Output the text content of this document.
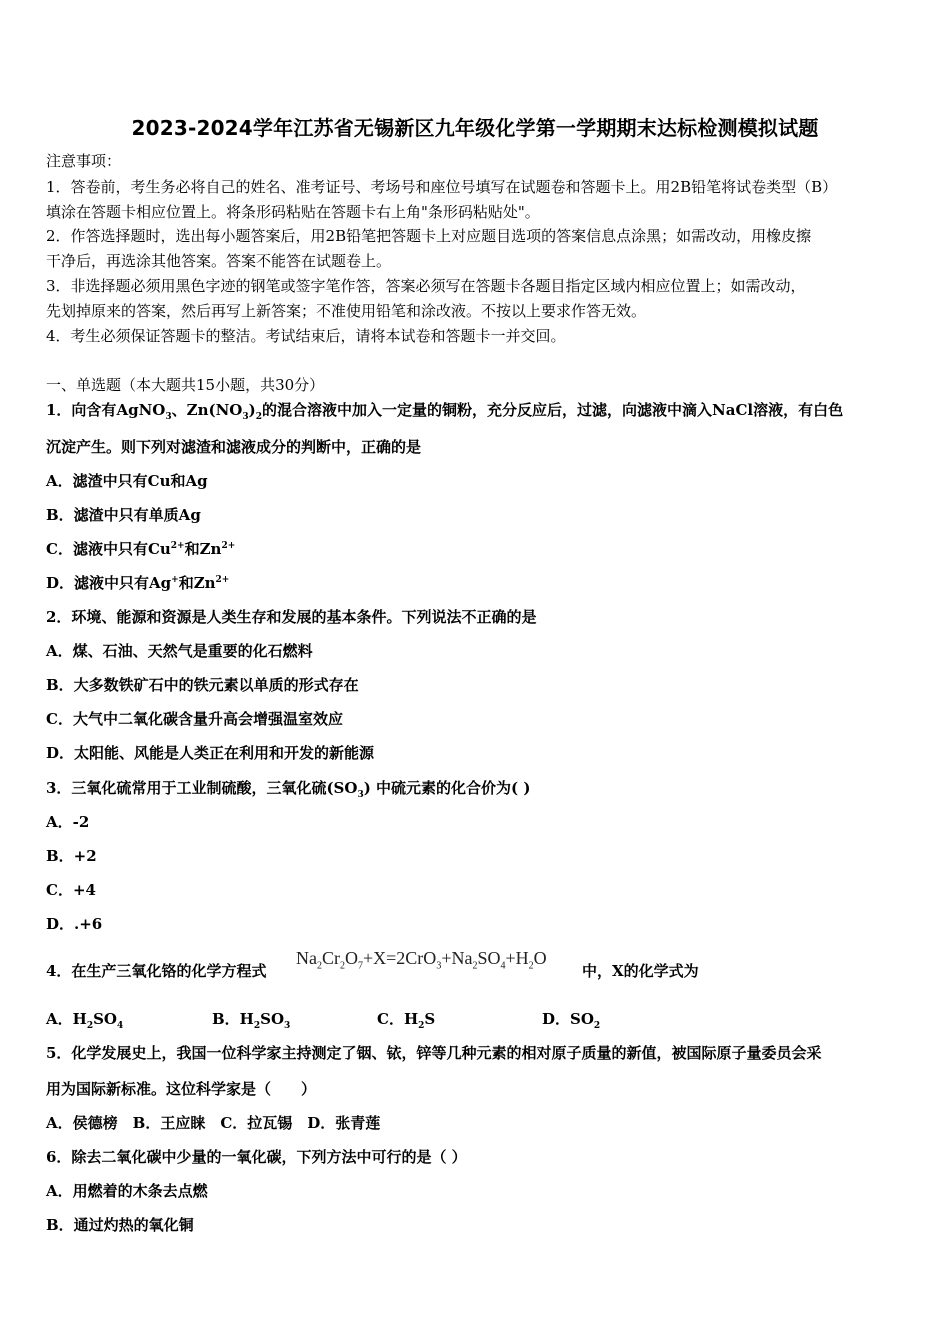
2023-2024学年江苏省无锡新区九年级化学第一学期期末达标检测模拟试题
注意事项：
1．答卷前，考生务必将自己的姓名、准考证号、考场号和座位号填写在试题卷和答题卡上。用2B铅笔将试卷类型（B）
填涂在答题卡相应位置上。将条形码粘贴在答题卡右上角"条形码粘贴处"。
2．作答选择题时，选出每小题答案后，用2B铅笔把答题卡上对应题目选项的答案信息点涂黑；如需改动，用橡皮擦
干净后，再选涂其他答案。答案不能答在试题卷上。
3．非选择题必须用黑色字迹的钢笔或签字笔作答，答案必须写在答题卡各题目指定区域内相应位置上；如需改动，
先划掉原来的答案，然后再写上新答案；不准使用铅笔和涂改液。不按以上要求作答无效。
4．考生必须保证答题卡的整洁。考试结束后，请将本试卷和答题卡一并交回。
一、单选题（本大题共15小题，共30分）
1．向含有AgNO$_3$、$Zn(NO_3)_2$的混合溶液中加入一定量的铜粉，充分反应后，过滤，向滤液中滴入NaCl溶液，有白色
沉淀产生。则下列对滤渣和滤液成分的判断中，正确的是
A．滤渣中只有Cu和Ag
B．滤渣中只有单质Ag
C．滤液中只有$Cu^{2+}$和$Zn^{2+}$
D．滤液中只有Ag+和$Zn^{2+}$
2．环境、能源和资源是人类生存和发展的基本条件。下列说法不正确的是
A．煤、石油、天然气是重要的化石燃料
B．大多数铁矿石中的铁元素以单质的形式存在
C．大气中二氧化碳含量升高会增强温室效应
D．太阳能、风能是人类正在利用和开发的新能源
3．三氧化硫常用于工业制硫酸，三氧化硫$(SO_3)$ 中硫元素的化合价为( )
A．-2
B．+2
C．+4
D．.+6
4．在生产三氧化铬的化学方程式
$Na_2Cr_2O_7+X=2CrO_3+Na_2SO_4+H_2O$
中，X的化学式为
A．$H_2SO_4$	B．$H_2SO_3$	C．$H_2S$	D．$SO_2$
5．化学发展史上，我国一位科学家主持测定了铟、铱，锌等几种元素的相对原子质量的新值，被国际原子量委员会采
用为国际新标准。这位科学家是（　　）
A．侯德榜　B．王应睐　C．拉瓦锡　D．张青莲
6．除去二氧化碳中少量的一氧化碳，下列方法中可行的是（ ）
A．用燃着的木条去点燃
B．通过灼热的氧化铜
